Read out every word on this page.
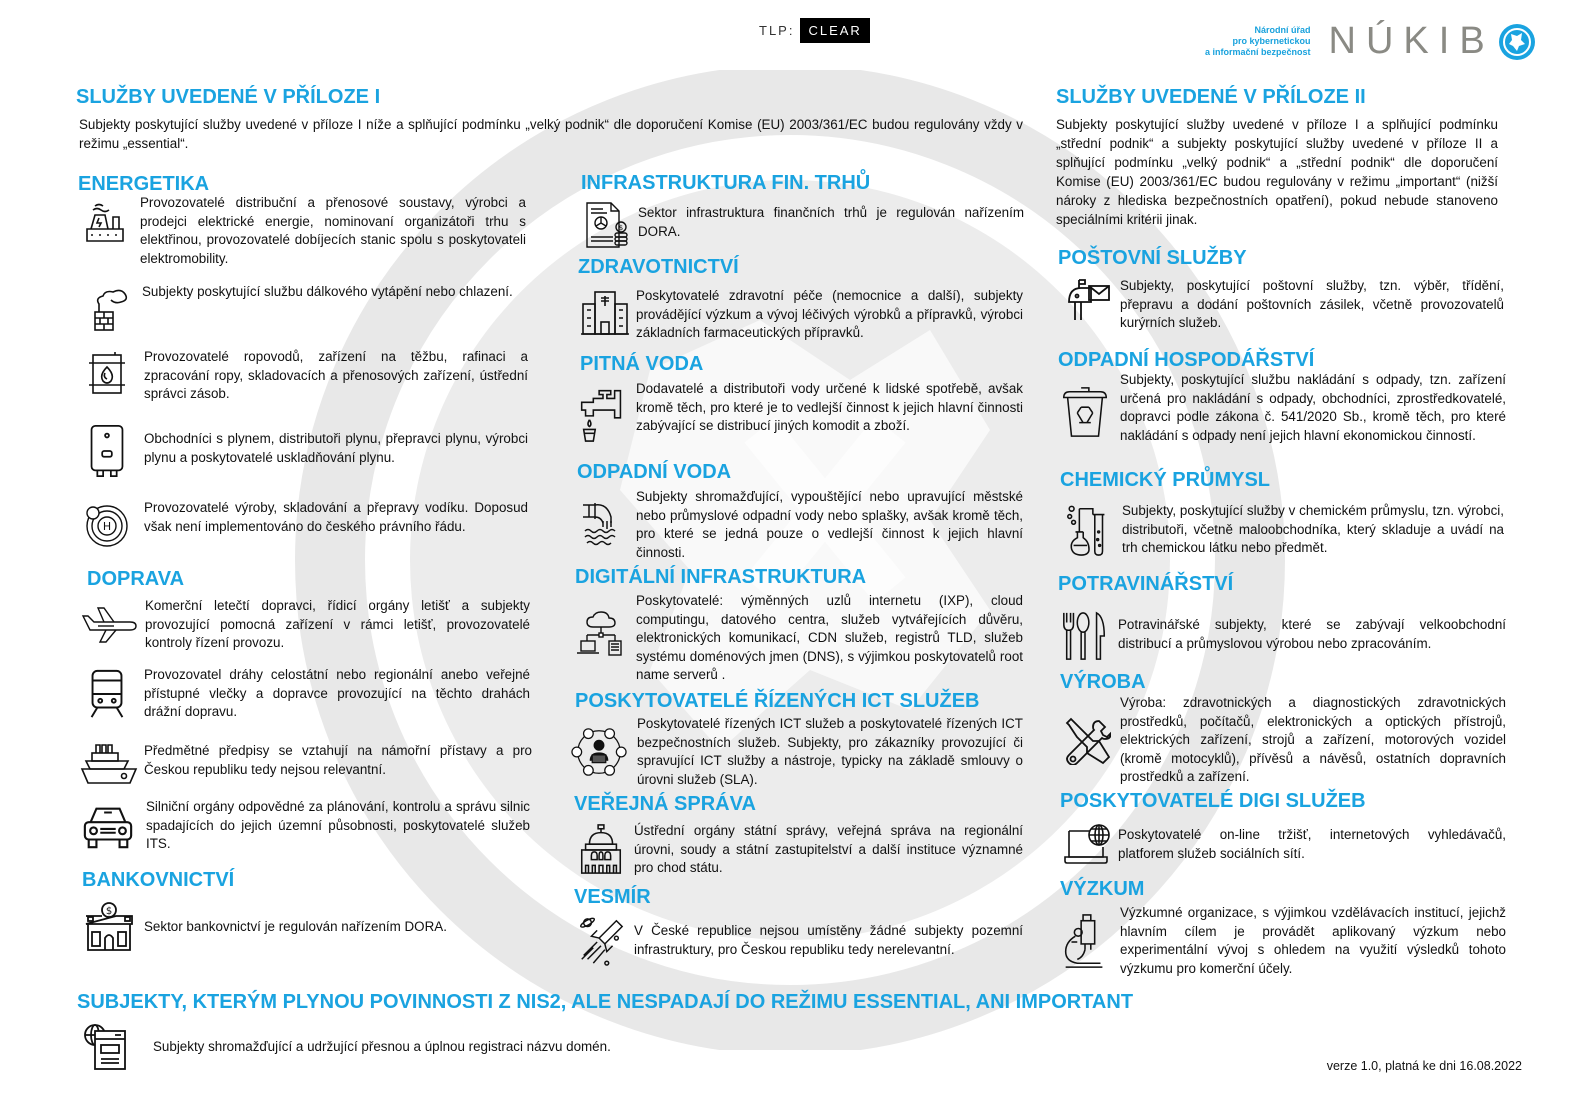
TLP:	CLEAR	Národní úřad
pro kybernetickou
a informační bezpečnost NÚKIB
SLUŽBY UVEDENÉ V PŘÍLOZE I
Subjekty poskytující služby uvedené v příloze I níže a splňující podmínku „velký podnik“ dle doporučení Komise (EU) 2003/361/EC budou regulovány vždy v režimu „essential“.
ENERGETIKA
Provozovatelé distribuční a přenosové soustavy, výrobci a prodejci elektrické energie, nominovaní organizátoři trhu s elektřinou, provozovatelé dobíjecích stanic spolu s poskytovateli elektromobility.
Subjekty poskytující službu dálkového vytápění nebo chlazení.
Provozovatelé ropovodů, zařízení na těžbu, rafinaci a zpracování ropy, skladovacích a přenosových zařízení, ústřední správci zásob.
Obchodníci s plynem, distributoři plynu, přepravci plynu, výrobci plynu a poskytovatelé uskladňování plynu.
H
Provozovatelé výroby, skladování a přepravy vodíku. Doposud však není implementováno do českého právního řádu.
DOPRAVA
Komerční letečtí dopravci, řídicí orgány letišť a subjekty provozující pomocná zařízení v rámci letišť, provozovatelé kontroly řízení provozu.
Provozovatel dráhy celostátní nebo regionální anebo veřejné přístupné vlečky a dopravce provozující na těchto drahách drážní dopravu.
Předmětné předpisy se vztahují na námořní přístavy a pro Českou republiku tedy nejsou relevantní.
Silniční orgány odpovědné za plánování, kontrolu a správu silnic spadajících do jejich územní působnosti, poskytovatelé služeb ITS.
BANKOVNICTVÍ
$
Sektor bankovnictví je regulován nařízením DORA.
INFRASTRUKTURA FIN. TRHŮ
$
Sektor infrastruktura finančních trhů je regulován nařízením DORA.
ZDRAVOTNICTVÍ
Poskytovatelé zdravotní péče (nemocnice a další), subjekty provádějící výzkum a vývoj léčivých výrobků a přípravků, výrobci základních farmaceutických přípravků.
PITNÁ VODA
Dodavatelé a distributoři vody určené k lidské spotřebě, avšak kromě těch, pro které je to vedlejší činnost k jejich hlavní činnosti zabývající se distribucí jiných komodit a zboží.
ODPADNÍ VODA
Subjekty shromažďující, vypouštějící nebo upravující městské nebo průmyslové odpadní vody nebo splašky, avšak kromě těch, pro které se jedná pouze o vedlejší činnost k jejich hlavní činnosti.
DIGITÁLNÍ INFRASTRUKTURA
Poskytovatelé: výměnných uzlů internetu (IXP), cloud computingu, datového centra, služeb vytvářejících důvěru, elektronických komunikací, CDN služeb, registrů TLD, služeb systému doménových jmen (DNS), s výjimkou poskytovatelů root name serverů .
POSKYTOVATELÉ ŘÍZENÝCH ICT SLUŽEB
Poskytovatelé řízených ICT služeb a poskytovatelé řízených ICT bezpečnostních služeb. Subjekty, pro zákazníky provozující či spravující ICT služby a nástroje, typicky na základě smlouvy o úrovni služeb (SLA).
VEŘEJNÁ SPRÁVA
Ústřední orgány státní správy, veřejná správa na regionální úrovni, soudy a státní zastupitelství a další instituce významné pro chod státu.
VESMÍR
V České republice nejsou umístěny žádné subjekty pozemní infrastruktury, pro Českou republiku tedy nerelevantní.
SLUŽBY UVEDENÉ V PŘÍLOZE II
Subjekty poskytující služby uvedené v příloze I a splňující podmínku „střední podnik“ a subjekty poskytující služby uvedené v příloze II a splňující podmínku „velký podnik“ a „střední podnik“ dle doporučení Komise (EU) 2003/361/EC budou regulovány v režimu „important“ (nižší nároky z hlediska bezpečnostních opatření), pokud nebude stanoveno speciálními kritérii jinak.
POŠTOVNÍ SLUŽBY
Subjekty, poskytující poštovní služby, tzn. výběr, třídění, přepravu a dodání poštovních zásilek, včetně provozovatelů kurýrních služeb.
ODPADNÍ HOSPODÁŘSTVÍ
Subjekty, poskytující službu nakládání s odpady, tzn. zařízení určená pro nakládání s odpady, obchodníci, zprostředkovatelé, dopravci podle zákona č. 541/2020 Sb., kromě těch, pro které nakládání s odpady není jejich hlavní ekonomickou činností.
CHEMICKÝ PRŮMYSL
Subjekty, poskytující služby v chemickém průmyslu, tzn. výrobci, distributoři, včetně maloobchodníka, který skladuje a uvádí na trh chemickou látku nebo předmět.
POTRAVINÁŘSTVÍ
Potravinářské subjekty, které se zabývají velkoobchodní distribucí a průmyslovou výrobou nebo zpracováním.
VÝROBA
Výroba: zdravotnických a diagnostických zdravotnických prostředků, počítačů, elektronických a optických přístrojů, elektrických zařízení, strojů a zařízení, motorových vozidel (kromě motocyklů), přívěsů a návěsů, ostatních dopravních prostředků a zařízení.
POSKYTOVATELÉ DIGI SLUŽEB
Poskytovatelé on-line tržišť, internetových vyhledávačů, platforem služeb sociálních sítí.
VÝZKUM
Výzkumné organizace, s výjimkou vzdělávacích institucí, jejichž hlavním cílem je provádět aplikovaný výzkum nebo experimentální vývoj s ohledem na využití výsledků tohoto výzkumu pro komerční účely.
SUBJEKTY, KTERÝM PLYNOU POVINNOSTI Z NIS2, ALE NESPADAJÍ DO REŽIMU ESSENTIAL, ANI IMPORTANT
Subjekty shromažďující a udržující přesnou a úplnou registraci názvu domén.
verze 1.0, platná ke dni 16.08.2022
